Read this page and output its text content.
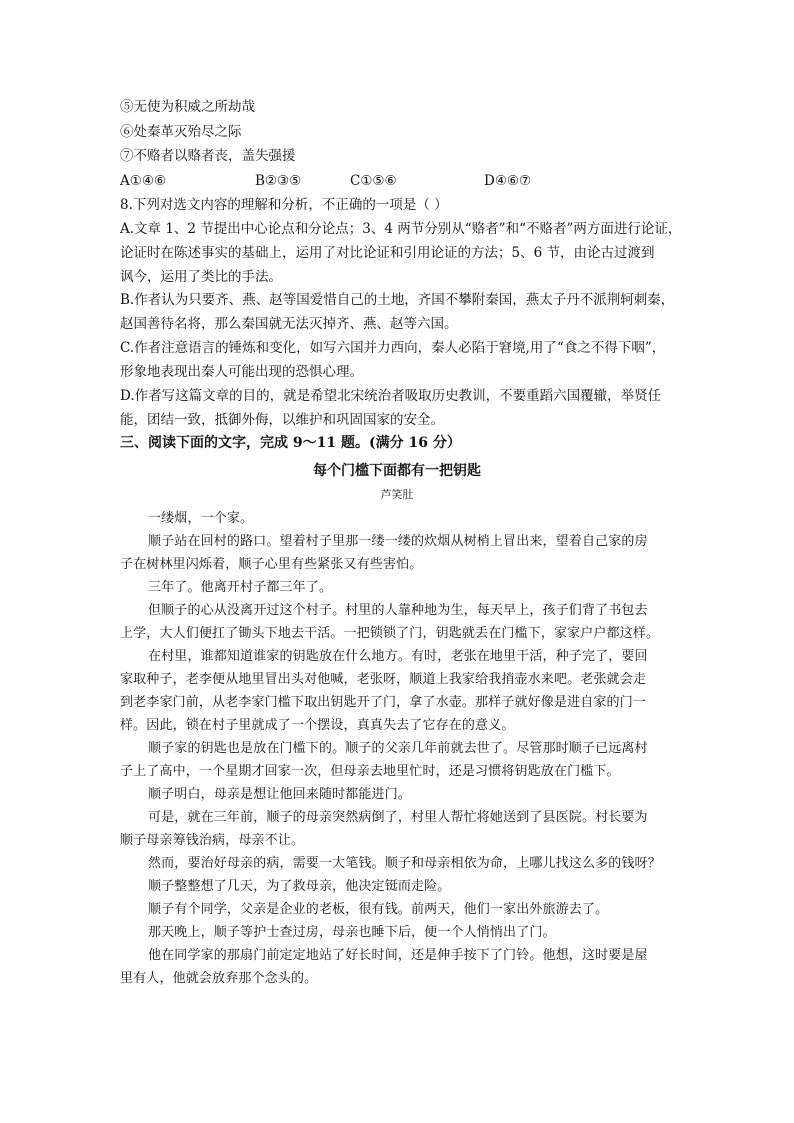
⑤无使为积威之所劫哉
⑥处秦革灭殆尽之际
⑦不赂者以赂者丧，盖失强援
A①④⑥	B②③⑤	C①⑤⑥	D④⑥⑦
8.下列对选文内容的理解和分析，不正确的一项是（ ）
A.文章 1、2 节提出中心论点和分论点；3、4 两节分别从“赂者”和“不赂者”两方面进行论证，
论证时在陈述事实的基础上，运用了对比论证和引用论证的方法；5、6 节，由论古过渡到
讽今，运用了类比的手法。
B.作者认为只要齐、燕、赵等国爱惜自己的土地，齐国不攀附秦国，燕太子丹不派荆轲刺秦，
赵国善待名将，那么秦国就无法灭掉齐、燕、赵等六国。
C.作者注意语言的锤炼和变化，如写六国并力西向，秦人必陷于窘境,用了“食之不得下咽”，
形象地表现出秦人可能出现的恐惧心理。
D.作者写这篇文章的目的，就是希望北宋统治者吸取历史教训，不要重蹈六国覆辙，举贤任
能，团结一致，抵御外侮，以维护和巩固国家的安全。
三、阅读下面的文字，完成 9～11 题。(满分 16 分）
每个门槛下面都有一把钥匙
芦笑肚
一缕烟，一个家。
顺子站在回村的路口。望着村子里那一缕一缕的炊烟从树梢上冒出来，望着自己家的房
子在树林里闪烁着，顺子心里有些紧张又有些害怕。
三年了。他离开村子都三年了。
但顺子的心从没离开过这个村子。村里的人靠种地为生，每天早上，孩子们背了书包去
上学，大人们便扛了锄头下地去干活。一把锁锁了门，钥匙就丢在门槛下，家家户户都这样。
在村里，谁都知道谁家的钥匙放在什么地方。有时，老张在地里干活，种子完了，要回
家取种子，老李便从地里冒出头对他喊，老张呀，顺道上我家给我捎壶水来吧。老张就会走
到老李家门前，从老李家门槛下取出钥匙开了门，拿了水壶。那样子就好像是进自家的门一
样。因此，锁在村子里就成了一个摆设，真真失去了它存在的意义。
顺子家的钥匙也是放在门槛下的。顺子的父亲几年前就去世了。尽管那时顺子已远离村
子上了高中，一个星期才回家一次，但母亲去地里忙时，还是习惯将钥匙放在门槛下。
顺子明白，母亲是想让他回来随时都能进门。
可是，就在三年前，顺子的母亲突然病倒了，村里人帮忙将她送到了县医院。村长要为
顺子母亲筹钱治病，母亲不让。
然而，要治好母亲的病，需要一大笔钱。顺子和母亲相依为命，上哪儿找这么多的钱呀？
顺子整整想了几天，为了救母亲，他决定铤而走险。
顺子有个同学，父亲是企业的老板，很有钱。前两天，他们一家出外旅游去了。
那天晚上，顺子等护士查过房，母亲也睡下后，便一个人悄悄出了门。
他在同学家的那扇门前定定地站了好长时间，还是伸手按下了门铃。他想，这时要是屋
里有人，他就会放弃那个念头的。
